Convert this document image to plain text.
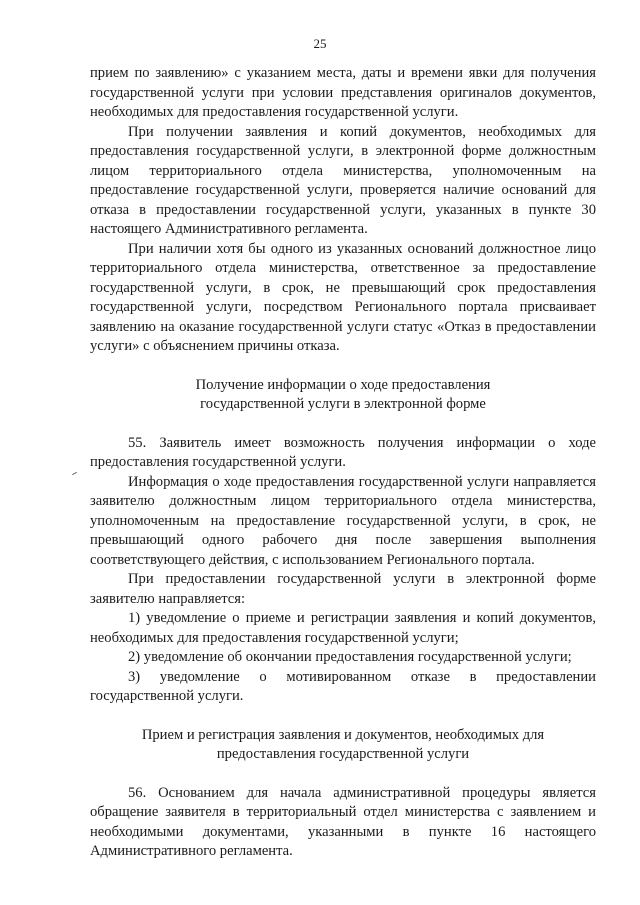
25

прием по заявлению» с указанием места, даты и времени явки для получения государственной услуги при условии представления оригиналов документов, необходимых для предоставления государственной услуги.

При получении заявления и копий документов, необходимых для предоставления государственной услуги, в электронной форме должностным лицом территориального отдела министерства, уполномоченным на предоставление государственной услуги, проверяется наличие оснований для отказа в предоставлении государственной услуги, указанных в пункте 30 настоящего Административного регламента.

При наличии хотя бы одного из указанных оснований должностное лицо территориального отдела министерства, ответственное за предоставление государственной услуги, в срок, не превышающий срок предоставления государственной услуги, посредством Регионального портала присваивает заявлению на оказание государственной услуги статус «Отказ в предоставлении услуги» с объяснением причины отказа.

Получение информации о ходе предоставления
государственной услуги в электронной форме

55. Заявитель имеет возможность получения информации о ходе предоставления государственной услуги.

Информация о ходе предоставления государственной услуги направляется заявителю должностным лицом территориального отдела министерства, уполномоченным на предоставление государственной услуги, в срок, не превышающий одного рабочего дня после завершения выполнения соответствующего действия, с использованием Регионального портала.

При предоставлении государственной услуги в электронной форме заявителю направляется:

1) уведомление о приеме и регистрации заявления и копий документов, необходимых для предоставления государственной услуги;

2) уведомление об окончании предоставления государственной услуги;

3) уведомление о мотивированном отказе в предоставлении государственной услуги.

Прием и регистрация заявления и документов, необходимых для
предоставления государственной услуги

56. Основанием для начала административной процедуры является обращение заявителя в территориальный отдел министерства с заявлением и необходимыми документами, указанными в пункте 16 настоящего Административного регламента.
